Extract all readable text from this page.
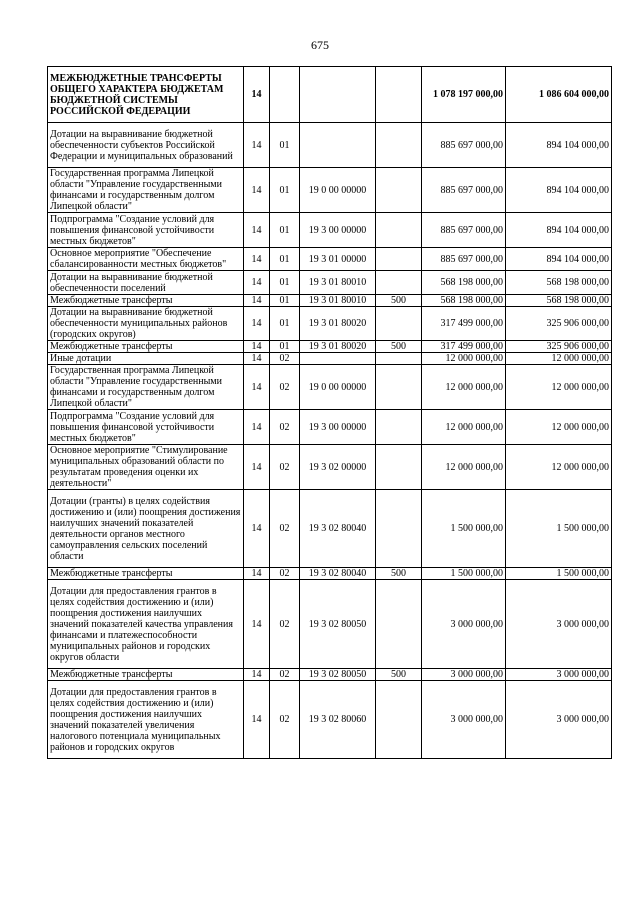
675
МЕЖБЮДЖЕТНЫЕ ТРАНСФЕРТЫ ОБЩЕГО ХАРАКТЕРА БЮДЖЕТАМ БЮДЖЕТНОЙ СИСТЕМЫ РОССИЙСКОЙ ФЕДЕРАЦИИ	14				1 078 197 000,00	1 086 604 000,00
Дотации на выравнивание бюджетной обеспеченности субъектов Российской Федерации и муниципальных образований	14	01			885 697 000,00	894 104 000,00
Государственная программа Липецкой области "Управление государственными финансами и государственным долгом Липецкой области"	14	01	19 0 00 00000		885 697 000,00	894 104 000,00
Подпрограмма "Создание условий для повышения финансовой устойчивости местных бюджетов"	14	01	19 3 00 00000		885 697 000,00	894 104 000,00
Основное мероприятие "Обеспечение сбалансированности местных бюджетов"	14	01	19 3 01 00000		885 697 000,00	894 104 000,00
Дотации на выравнивание бюджетной обеспеченности поселений	14	01	19 3 01 80010		568 198 000,00	568 198 000,00
Межбюджетные трансферты	14	01	19 3 01 80010	500	568 198 000,00	568 198 000,00
Дотации на выравнивание бюджетной обеспеченности муниципальных районов (городских округов)	14	01	19 3 01 80020		317 499 000,00	325 906 000,00
Межбюджетные трансферты	14	01	19 3 01 80020	500	317 499 000,00	325 906 000,00
Иные дотации	14	02			12 000 000,00	12 000 000,00
Государственная программа Липецкой области "Управление государственными финансами и государственным долгом Липецкой области"	14	02	19 0 00 00000		12 000 000,00	12 000 000,00
Подпрограмма "Создание условий для повышения финансовой устойчивости местных бюджетов"	14	02	19 3 00 00000		12 000 000,00	12 000 000,00
Основное мероприятие "Стимулирование муниципальных образований области по результатам проведения оценки их деятельности"	14	02	19 3 02 00000		12 000 000,00	12 000 000,00
Дотации (гранты) в целях содействия достижению и (или) поощрения достижения наилучших значений показателей деятельности органов местного самоуправления сельских поселений области	14	02	19 3 02 80040		1 500 000,00	1 500 000,00
Межбюджетные трансферты	14	02	19 3 02 80040	500	1 500 000,00	1 500 000,00
Дотации для предоставления грантов в целях содействия достижению и (или) поощрения достижения наилучших значений показателей качества управления финансами и платежеспособности муниципальных районов и городских округов области	14	02	19 3 02 80050		3 000 000,00	3 000 000,00
Межбюджетные трансферты	14	02	19 3 02 80050	500	3 000 000,00	3 000 000,00
Дотации для предоставления грантов в целях содействия достижению и (или) поощрения достижения наилучших значений показателей увеличения налогового потенциала муниципальных районов и городских округов	14	02	19 3 02 80060		3 000 000,00	3 000 000,00
